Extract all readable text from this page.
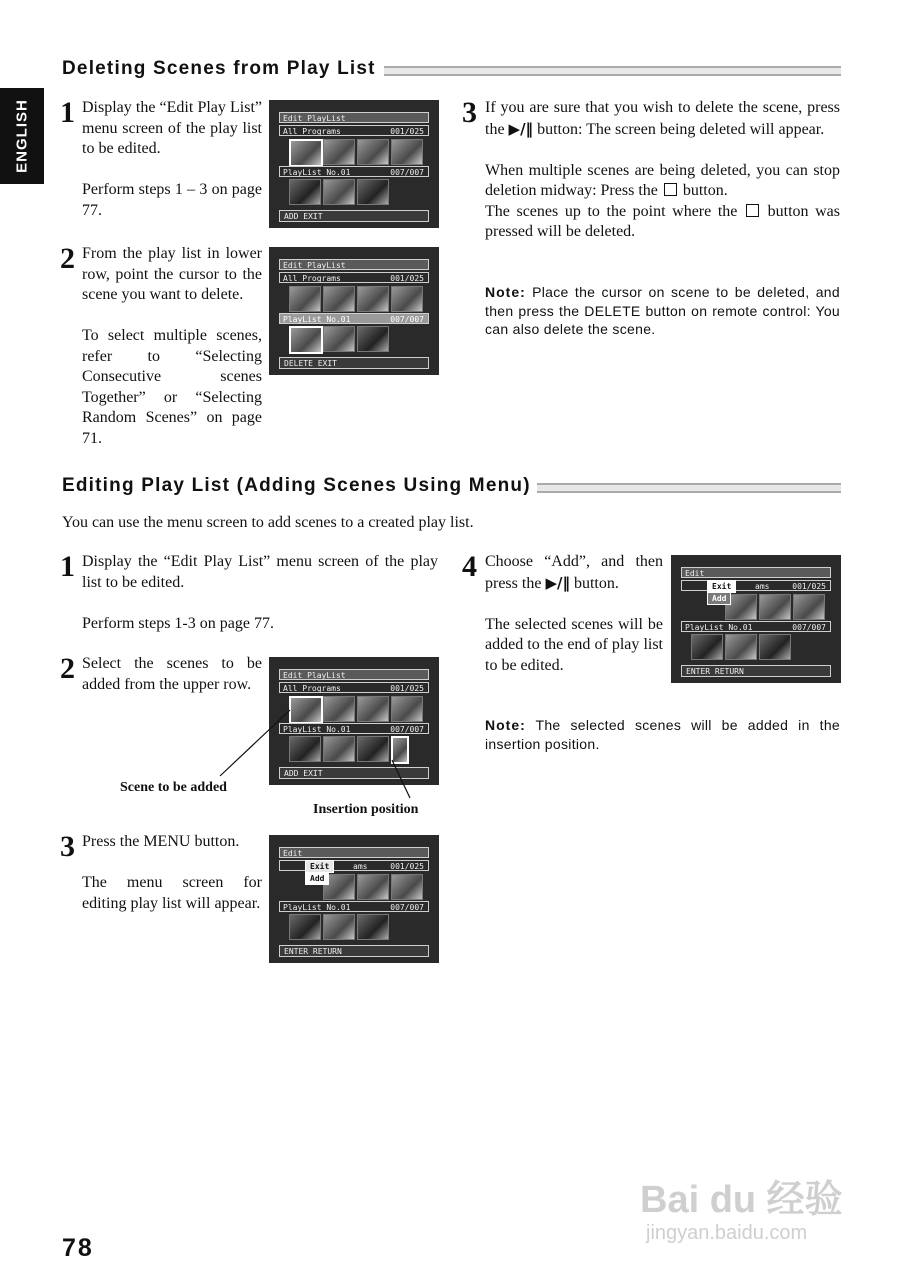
ENGLISH
Deleting Scenes from Play List
1 Display the “Edit Play List” menu screen of the play list to be edited.

Perform steps 1 – 3 on page 77.

Edit PlayList
All Programs	001/025
PlayList No.01	007/007
ADD EXIT
2 From the play list in lower row, point the cursor to the scene you want to delete.

To select multiple scenes, refer to “Selecting Consecutive scenes Together” or “Selecting Random Scenes” on page 71.

Edit PlayList
All Programs	001/025
PlayList No.01	007/007
DELETE EXIT
3 If you are sure that you wish to delete the scene, press the ▶/‖ button: The screen being deleted will appear.

When multiple scenes are being deleted, you can stop deletion midway: Press the button.

The scenes up to the point where the button was pressed will be deleted.

Note: Place the cursor on scene to be deleted, and then press the DELETE button on remote control: You can also delete the scene.
Editing Play List (Adding Scenes Using Menu)
You can use the menu screen to add scenes to a created play list.
1 Display the “Edit Play List” menu screen of the play list to be edited.

Perform steps 1-3 on page 77.

2 Select the scenes to be added from the upper row.	Edit PlayList
All Programs	001/025
PlayList No.01	007/007
ADD EXIT
Scene to be added
Insertion position
3 Press the MENU button.

The menu screen for editing play list will appear.

Edit
ams	001/025
Exit
Add
PlayList No.01	007/007
ENTER RETURN
4 Choose “Add”, and then press the ▶/‖ button.

The selected scenes will be added to the end of play list to be edited.

Edit
ams	001/025
Exit
Add
PlayList No.01	007/007
ENTER RETURN
Note: The selected scenes will be added in the insertion position.
Bai du 经验
jingyan.baidu.com
78
